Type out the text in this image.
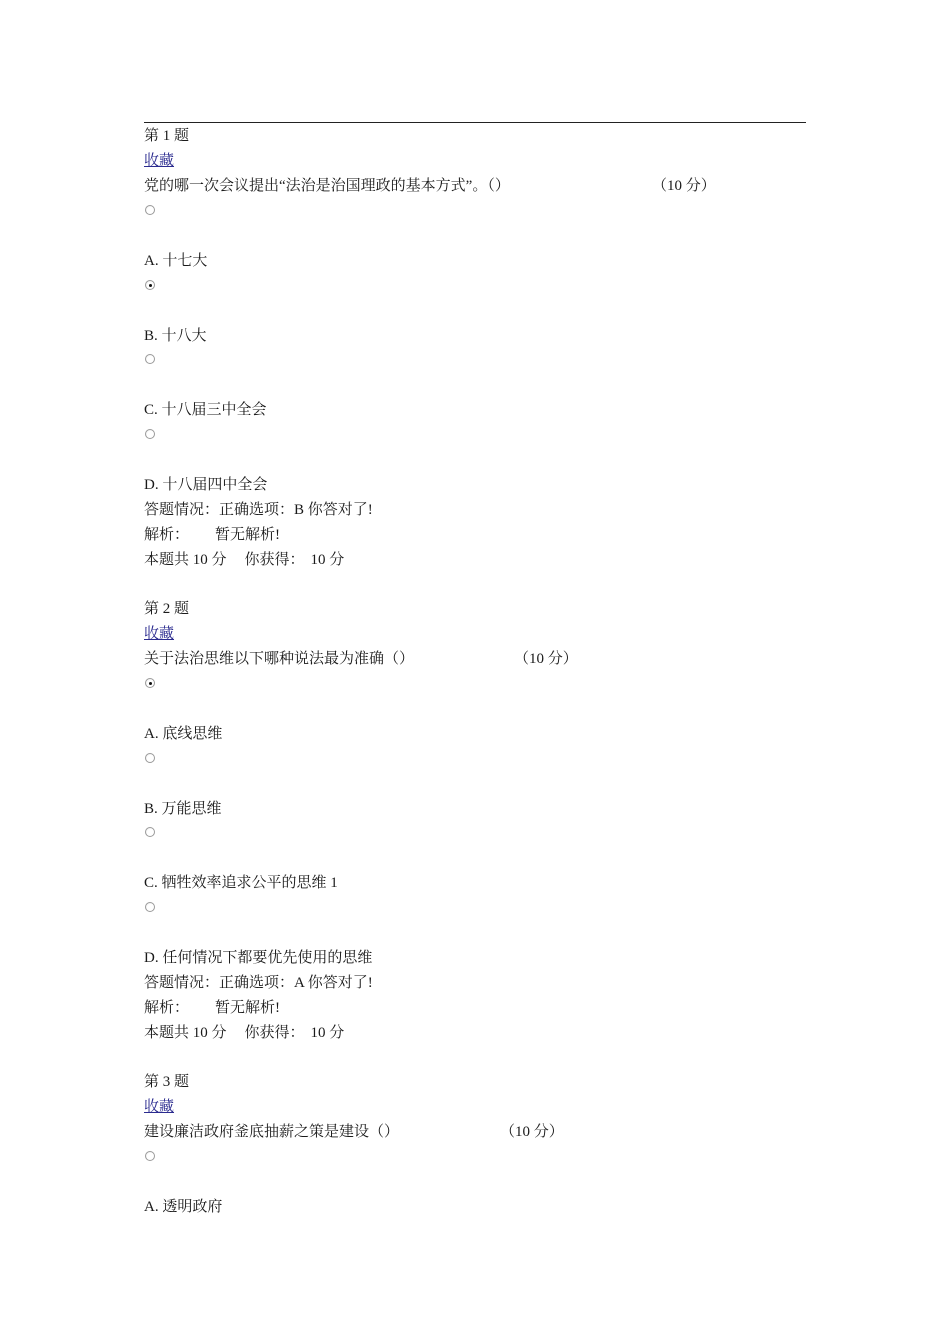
第 1 题
收藏
党的哪一次会议提出“法治是治国理政的基本方式”。（）	（10 分）
A. 十七大
B. 十八大
C. 十八届三中全会
D. 十八届四中全会
答题情况：正确选项：B 你答对了!
解析： 暂无解析!
本题共 10 分 你获得： 10 分
第 2 题
收藏
关于法治思维以下哪种说法最为准确（）	（10 分）
A. 底线思维
B. 万能思维
C. 牺牲效率追求公平的思维 1
D. 任何情况下都要优先使用的思维
答题情况：正确选项：A 你答对了!
解析： 暂无解析!
本题共 10 分 你获得： 10 分
第 3 题
收藏
建设廉洁政府釜底抽薪之策是建设（）	（10 分）
A. 透明政府
